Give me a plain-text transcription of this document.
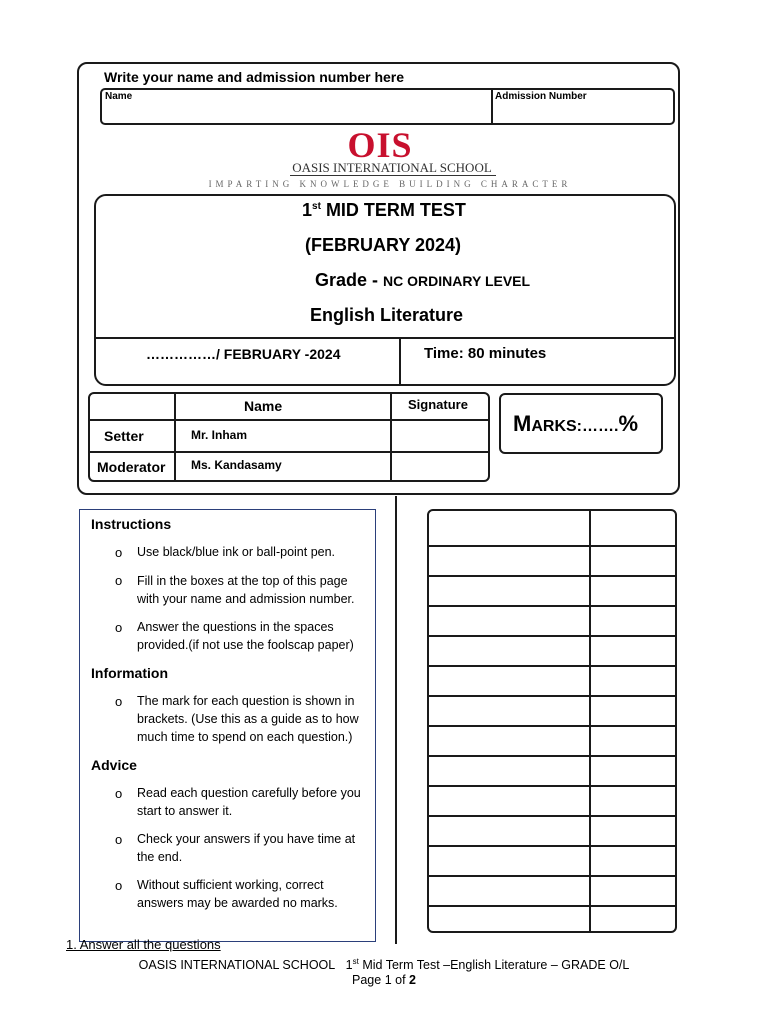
Write your name and admission number here
Name	Admission Number
OIS
OASIS INTERNATIONAL SCHOOL
IMPARTING KNOWLEDGE BUILDING CHARACTER
1st MID TERM TEST
(FEBRUARY 2024)
Grade - NC ORDINARY LEVEL
English Literature
……………/ FEBRUARY -2024	Time: 80 minutes
Name	Signature
Setter	Mr. Inham
Moderator Ms. Kandasamy
MARKS:…….%
Instructions
o Use black/blue ink or ball-point pen.
o Fill in the boxes at the top of this page with your name and admission number.
o Answer the questions in the spaces provided.(if not use the foolscap paper)
Information
o The mark for each question is shown in brackets. (Use this as a guide as to how much time to spend on each question.)
Advice
o Read each question carefully before you start to answer it.
o Check your answers if you have time at the end.
o Without sufficient working, correct answers may be awarded no marks.
1. Answer all the questions
OASIS INTERNATIONAL SCHOOL 1st Mid Term Test –English Literature – GRADE O/L
Page 1 of 2
